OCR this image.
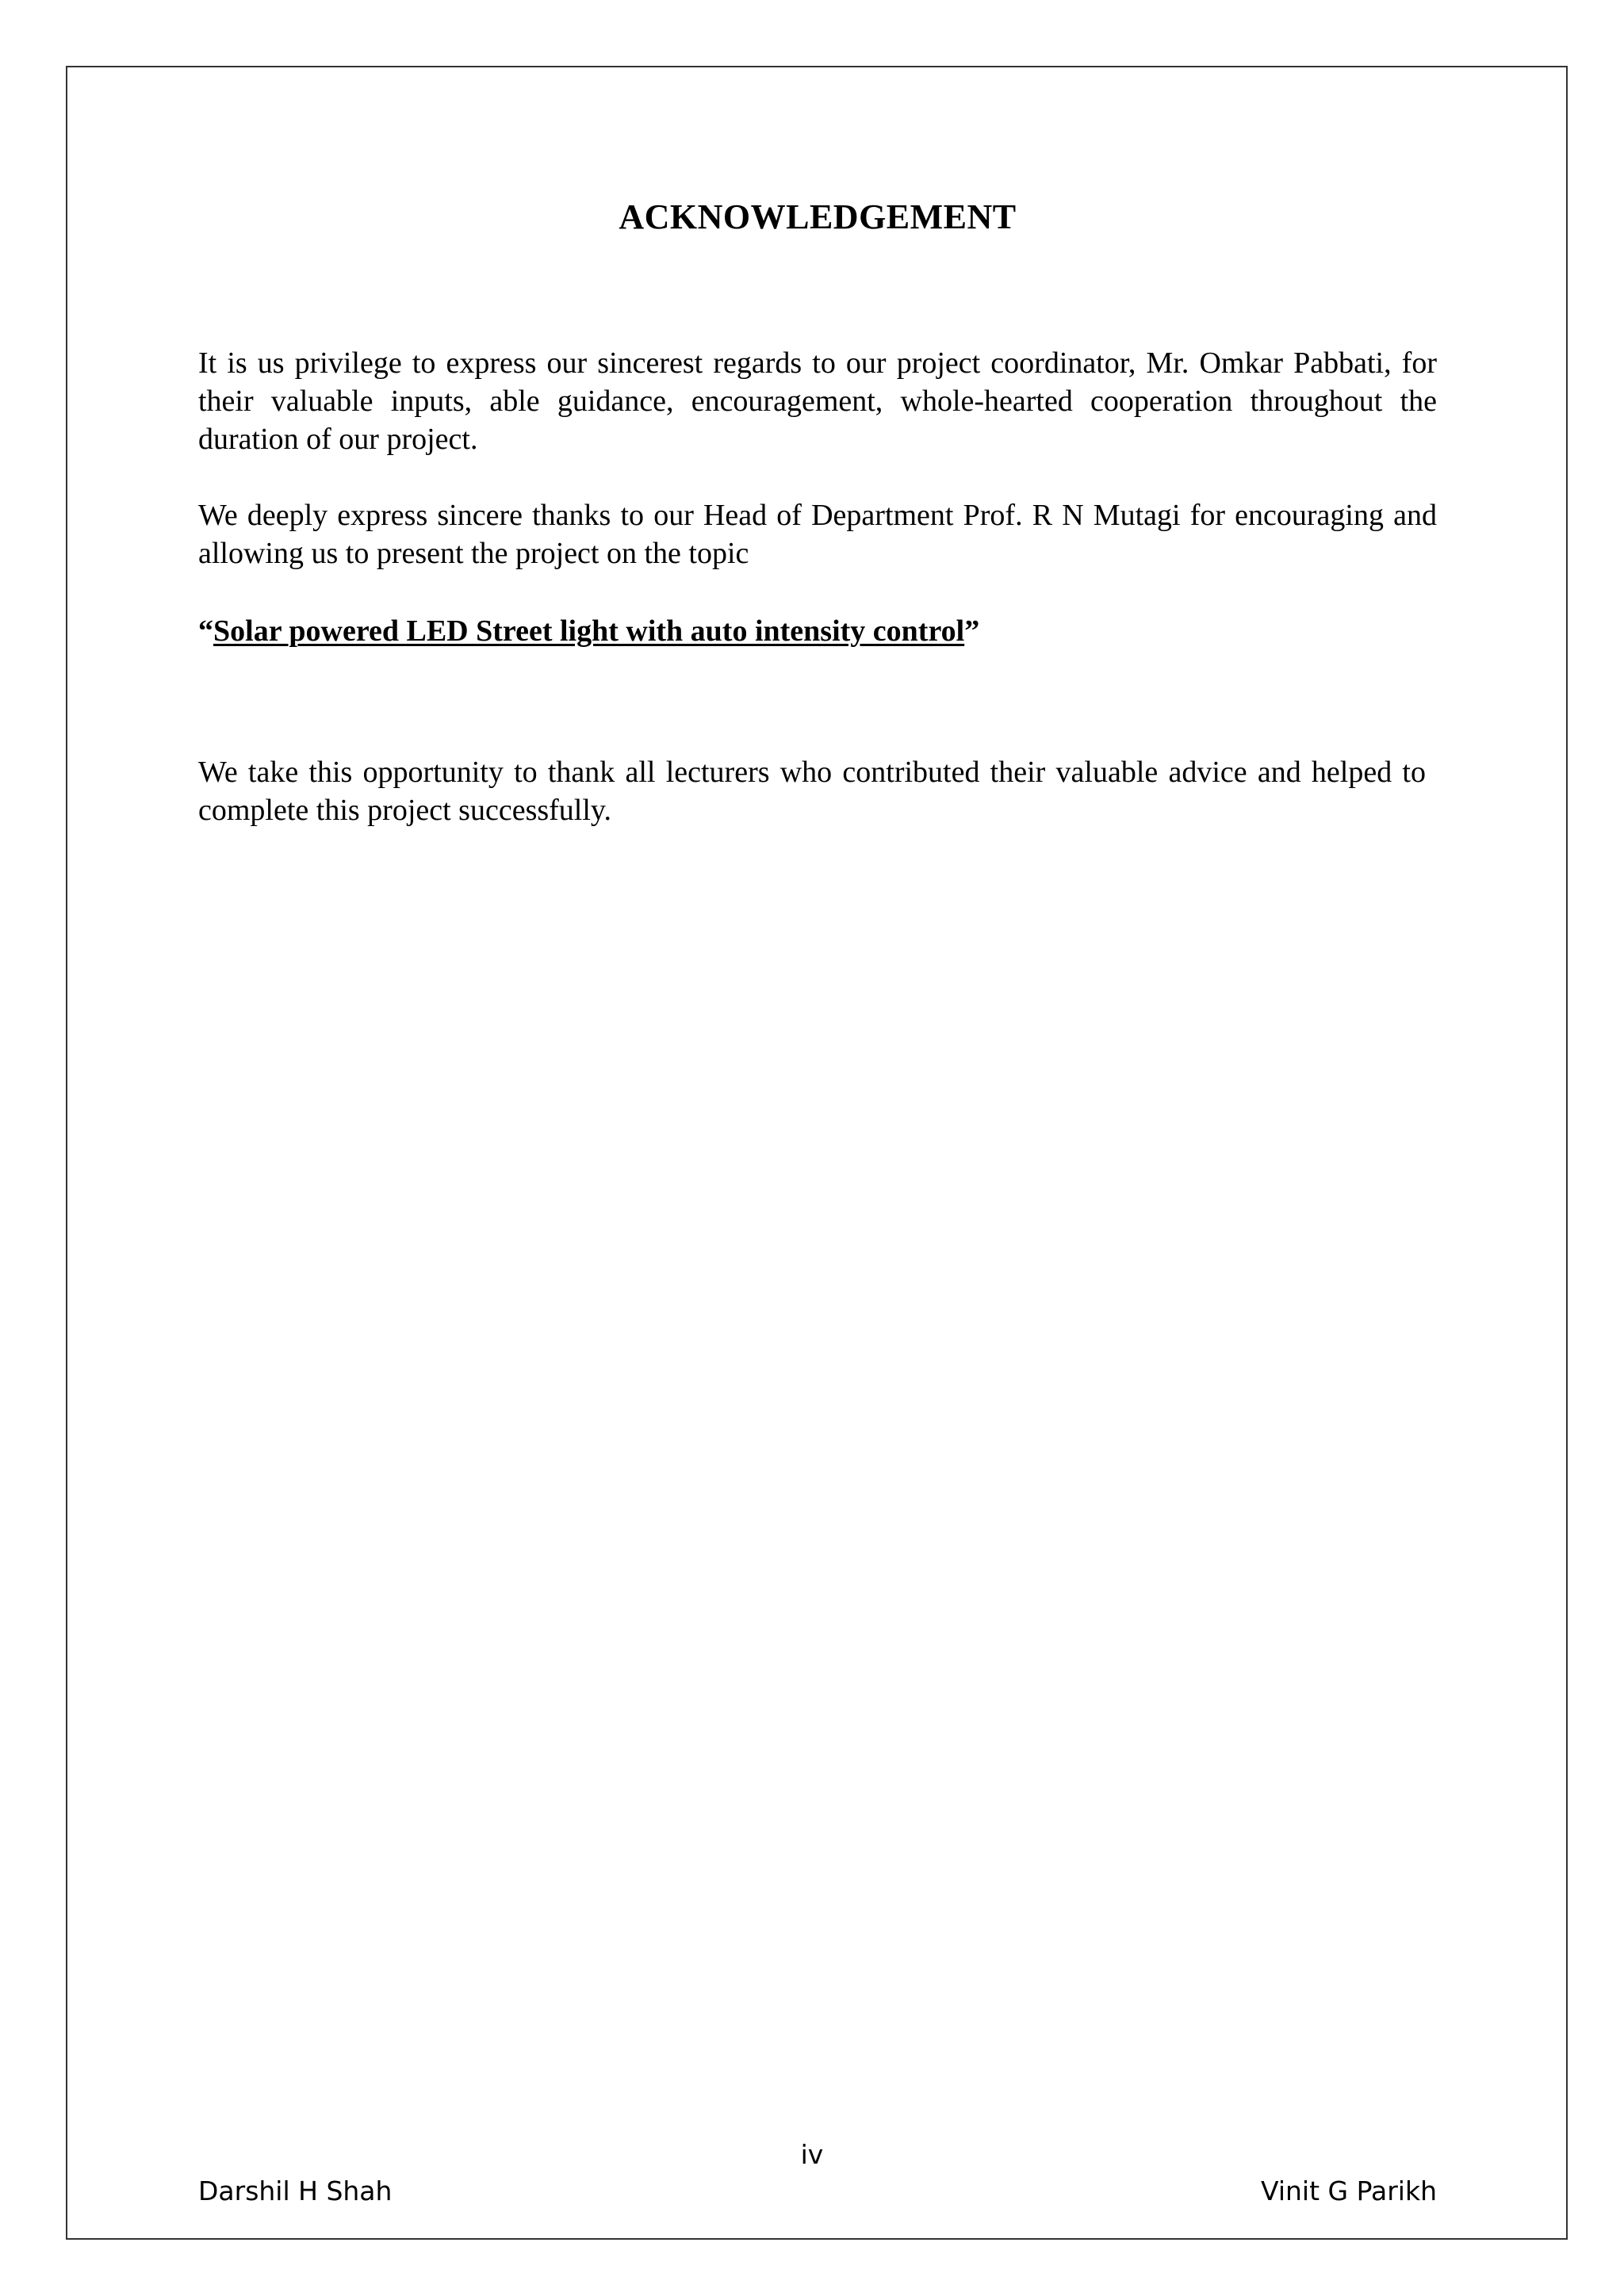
ACKNOWLEDGEMENT

It is us privilege to express our sincerest regards to our project coordinator, Mr. Omkar Pabbati, for their valuable inputs, able guidance, encouragement, whole-hearted cooperation throughout the duration of our project.

We deeply express sincere thanks to our Head of Department Prof. R N Mutagi for encouraging and allowing us to present the project on the topic

“Solar powered LED Street light with auto intensity control”

We take this opportunity to thank all lecturers who contributed their valuable advice and helped to complete this project successfully.

iv

Darshil H Shah	Vinit G Parikh
